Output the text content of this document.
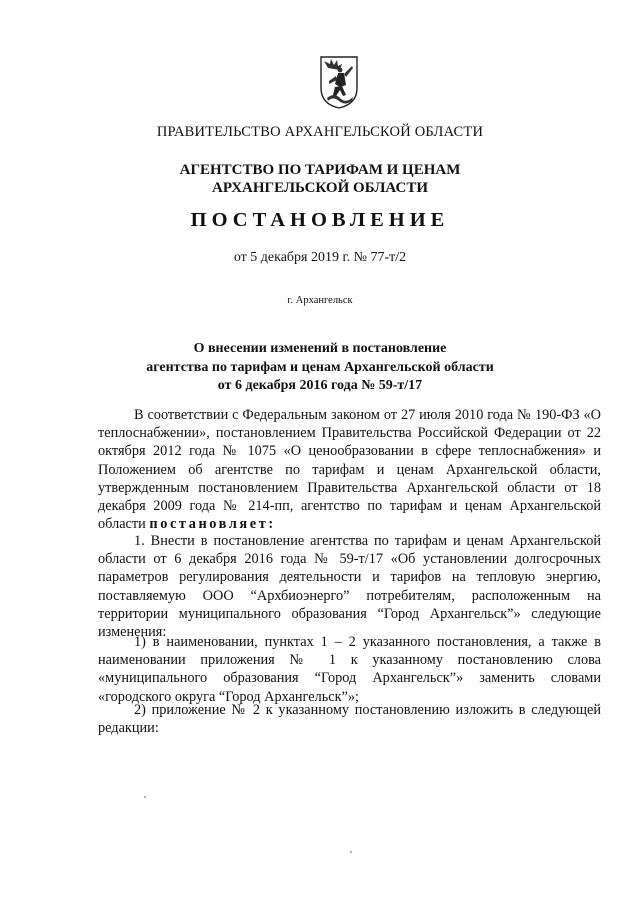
ПРАВИТЕЛЬСТВО АРХАНГЕЛЬСКОЙ ОБЛАСТИ
АГЕНТСТВО ПО ТАРИФАМ И ЦЕНАМ
АРХАНГЕЛЬСКОЙ ОБЛАСТИ
ПОСТАНОВЛЕНИЕ
от 5 декабря 2019 г. № 77-т/2
г. Архангельск
О внесении изменений в постановление
агентства по тарифам и ценам Архангельской области
от 6 декабря 2016 года № 59-т/17

В соответствии с Федеральным законом от 27 июля 2010 года № 190-ФЗ «О теплоснабжении», постановлением Правительства Российской Федерации от 22 октября 2012 года № 1075 «О ценообразовании в сфере теплоснабжения» и Положением об агентстве по тарифам и ценам Архангельской области, утвержденным постановлением Правительства Архангельской области от 18 декабря 2009 года № 214-пп, агентство по тарифам и ценам Архангельской области постановляет:

1. Внести в постановление агентства по тарифам и ценам Архангельской области от 6 декабря 2016 года № 59-т/17 «Об установлении долгосрочных параметров регулирования деятельности и тарифов на тепловую энергию, поставляемую ООО “Архбиоэнерго” потребителям, расположенным на территории муниципального образования “Город Архангельск”» следующие изменения:

1) в наименовании, пунктах 1 – 2 указанного постановления, а также в наименовании приложения № 1 к указанному постановлению слова «муниципального образования “Город Архангельск”» заменить словами «городского округа “Город Архангельск”»;

2) приложение № 2 к указанному постановлению изложить в следующей редакции:
